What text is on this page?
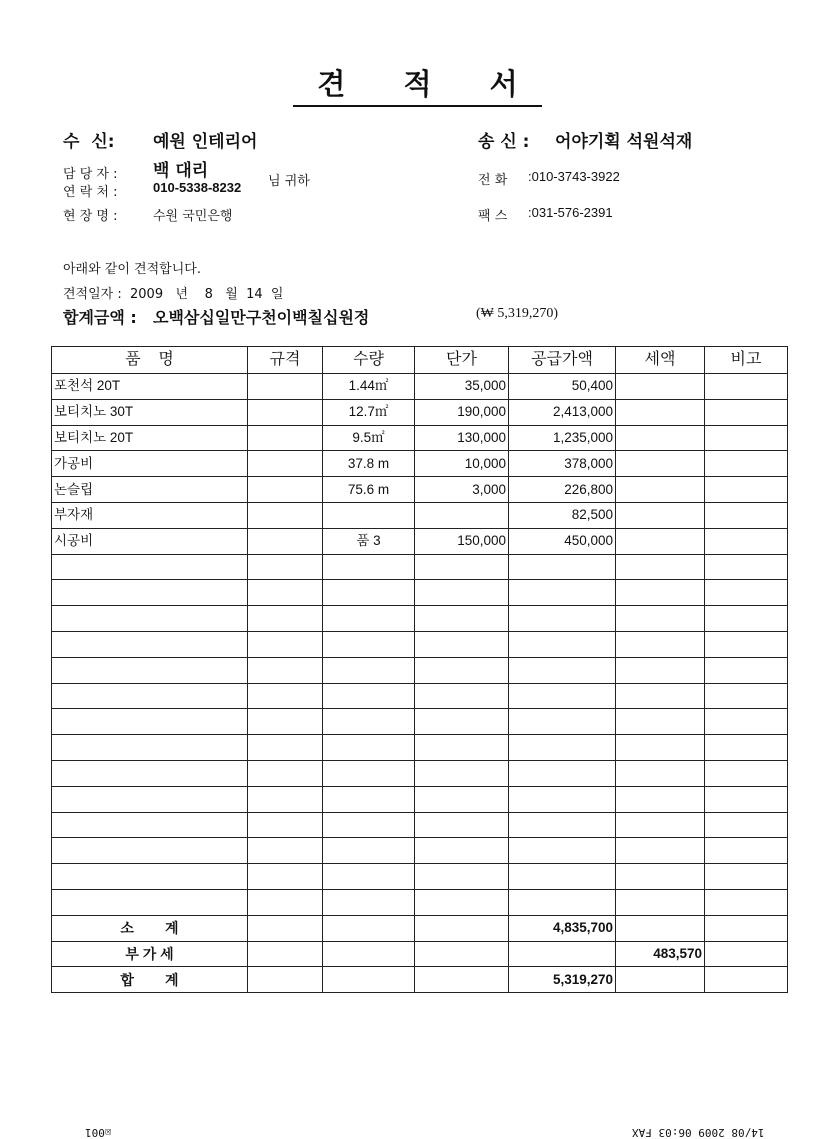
견 적 서
수 신: 예원 인테리어
담 당 자 : 백 대리
님 귀하
연 락 처 :	010-5338-8232
현 장 명 :	수원 국민은행
송 신 : 어야기획 석원석재
전 화 :010-3743-3922
팩 스 :031-576-2391
아래와 같이 견적합니다.
견적일자 :  2009   년    8   월  14  일
합계금액 : 오백삼십일만구천이백칠십원정	(₩ 5,319,270)
품    명	규격	수량	단가	공급가액	세액	비고
포천석 20T		1.44㎡	35,000	50,400		
보티치노 30T		12.7㎡	190,000	2,413,000		
보티치노 20T		9.5㎡	130,000	1,235,000		
가공비		37.8 m	10,000	378,000		
논슬립		75.6 m	3,000	226,800		
부자재				82,500		
시공비		품 3	150,000	450,000		

소        계				4,835,700		
부 가 세					483,570	
합        계				5,319,270		
☒001	14/08 2009 06:03 FAX
